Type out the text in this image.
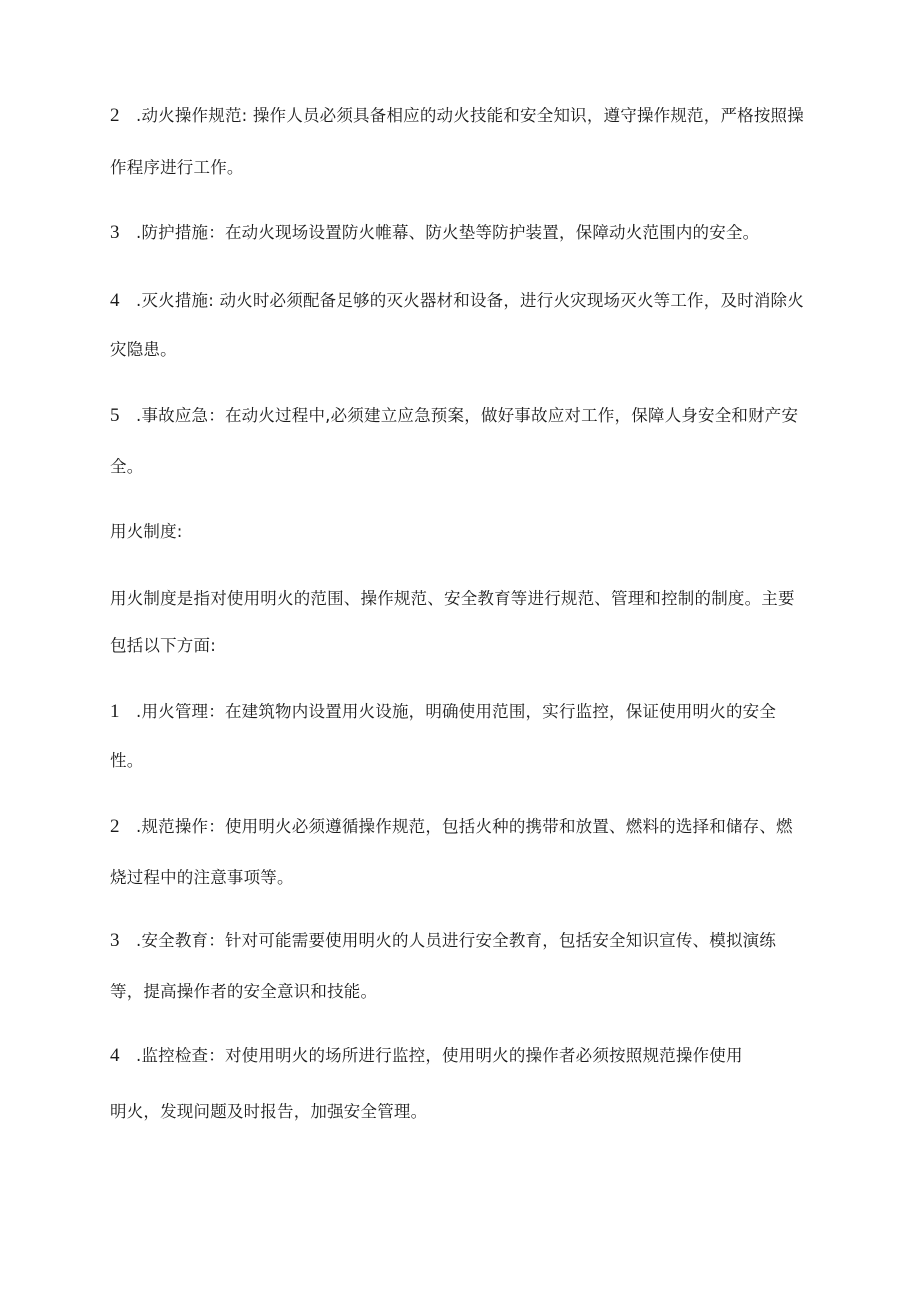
2 .动火操作规范: 操作人员必须具备相应的动火技能和安全知识，遵守操作规范，严格按照操
作程序进行工作。
3 .防护措施：在动火现场设置防火帷幕、防火垫等防护装置，保障动火范围内的安全。
4 .灭火措施: 动火时必须配备足够的灭火器材和设备，进行火灾现场灭火等工作，及时消除火
灾隐患。
5 .事故应急：在动火过程中,必须建立应急预案，做好事故应对工作，保障人身安全和财产安
全。
用火制度:
用火制度是指对使用明火的范围、操作规范、安全教育等进行规范、管理和控制的制度。主要
包括以下方面:
1 .用火管理：在建筑物内设置用火设施，明确使用范围，实行监控，保证使用明火的安全
性。
2 .规范操作：使用明火必须遵循操作规范，包括火种的携带和放置、燃料的选择和储存、燃
烧过程中的注意事项等。
3 .安全教育：针对可能需要使用明火的人员进行安全教育，包括安全知识宣传、模拟演练
等，提高操作者的安全意识和技能。
4 .监控检查：对使用明火的场所进行监控，使用明火的操作者必须按照规范操作使用
明火，发现问题及时报告，加强安全管理。
